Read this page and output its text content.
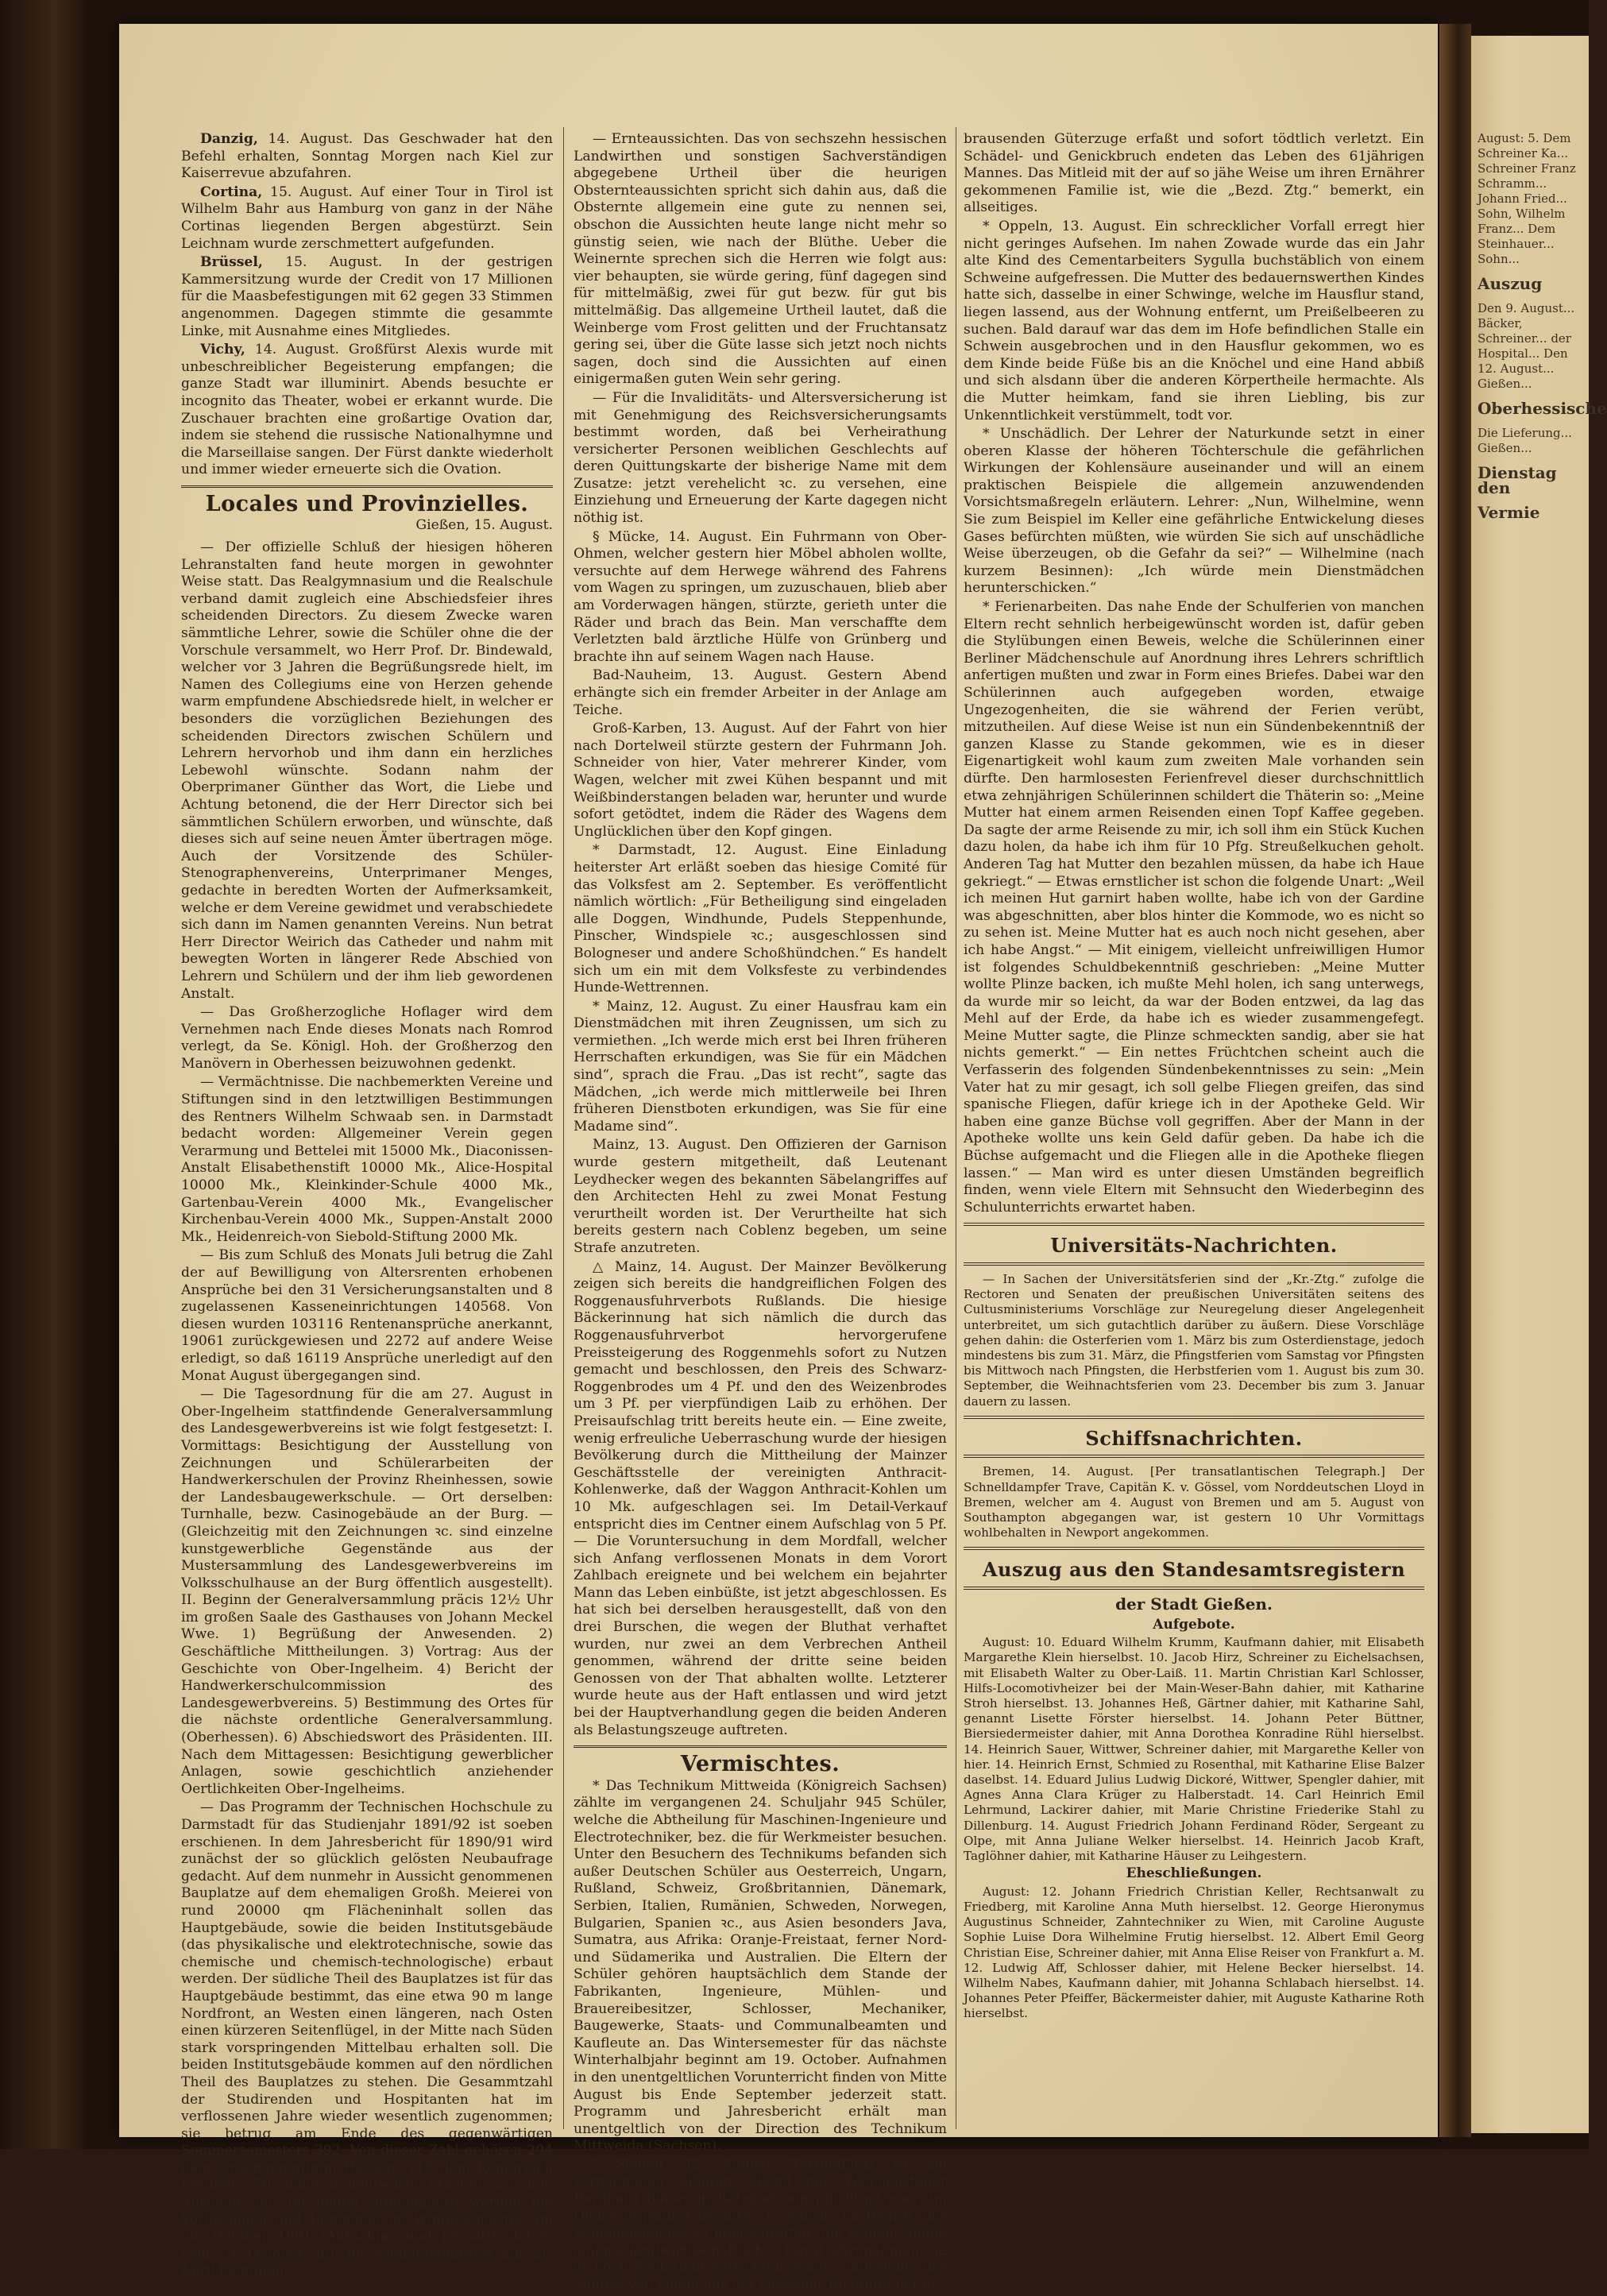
August: 5. Dem Schreiner Ka... Schreiner Franz Schramm... Johann Fried... Sohn, Wilhelm Franz... Dem Steinhauer... Sohn...

Auszug

Den 9. August... Bäcker, Schreiner... der Hospital... Den 12. August... Gießen...

Oberhessische

Die Lieferung... Gießen...

Dienstag den
Vermie

Danzig, 14. August. Das Geschwader hat den Befehl erhalten, Sonntag Morgen nach Kiel zur Kaiserrevue abzufahren.

Cortina, 15. August. Auf einer Tour in Tirol ist Wilhelm Bahr aus Hamburg von ganz in der Nähe Cortinas liegenden Bergen abgestürzt. Sein Leichnam wurde zerschmettert aufgefunden.

Brüssel, 15. August. In der gestrigen Kammersitzung wurde der Credit von 17 Millionen für die Maasbefestigungen mit 62 gegen 33 Stimmen angenommen. Dagegen stimmte die gesammte Linke, mit Ausnahme eines Mitgliedes.

Vichy, 14. August. Großfürst Alexis wurde mit unbeschreiblicher Begeisterung empfangen; die ganze Stadt war illuminirt. Abends besuchte er incognito das Theater, wobei er erkannt wurde. Die Zuschauer brachten eine großartige Ovation dar, indem sie stehend die russische Nationalhymne und die Marseillaise sangen. Der Fürst dankte wiederholt und immer wieder erneuerte sich die Ovation.

Locales und Provinzielles.
Gießen, 15. August.

— Der offizielle Schluß der hiesigen höheren Lehranstalten fand heute morgen in gewohnter Weise statt. Das Realgymnasium und die Realschule verband damit zugleich eine Abschiedsfeier ihres scheidenden Directors. Zu diesem Zwecke waren sämmtliche Lehrer, sowie die Schüler ohne die der Vorschule versammelt, wo Herr Prof. Dr. Bindewald, welcher vor 3 Jahren die Begrüßungsrede hielt, im Namen des Collegiums eine von Herzen gehende warm empfundene Abschiedsrede hielt, in welcher er besonders die vorzüglichen Beziehungen des scheidenden Directors zwischen Schülern und Lehrern hervorhob und ihm dann ein herzliches Lebewohl wünschte. Sodann nahm der Oberprimaner Günther das Wort, die Liebe und Achtung betonend, die der Herr Director sich bei sämmtlichen Schülern erworben, und wünschte, daß dieses sich auf seine neuen Ämter übertragen möge. Auch der Vorsitzende des Schüler-Stenographenvereins, Unterprimaner Menges, gedachte in beredten Worten der Aufmerksamkeit, welche er dem Vereine gewidmet und verabschiedete sich dann im Namen genannten Vereins. Nun betrat Herr Director Weirich das Catheder und nahm mit bewegten Worten in längerer Rede Abschied von Lehrern und Schülern und der ihm lieb gewordenen Anstalt.

— Das Großherzogliche Hoflager wird dem Vernehmen nach Ende dieses Monats nach Romrod verlegt, da Se. Königl. Hoh. der Großherzog den Manövern in Oberhessen beizuwohnen gedenkt.

— Vermächtnisse. Die nachbemerkten Vereine und Stiftungen sind in den letztwilligen Bestimmungen des Rentners Wilhelm Schwaab sen. in Darmstadt bedacht worden: Allgemeiner Verein gegen Verarmung und Bettelei mit 15000 Mk., Diaconissen-Anstalt Elisabethenstift 10000 Mk., Alice-Hospital 10000 Mk., Kleinkinder-Schule 4000 Mk., Gartenbau-Verein 4000 Mk., Evangelischer Kirchenbau-Verein 4000 Mk., Suppen-Anstalt 2000 Mk., Heidenreich-von Siebold-Stiftung 2000 Mk.

— Bis zum Schluß des Monats Juli betrug die Zahl der auf Bewilligung von Altersrenten erhobenen Ansprüche bei den 31 Versicherungsanstalten und 8 zugelassenen Kasseneinrichtungen 140568. Von diesen wurden 103116 Rentenansprüche anerkannt, 19061 zurückgewiesen und 2272 auf andere Weise erledigt, so daß 16119 Ansprüche unerledigt auf den Monat August übergegangen sind.

— Die Tagesordnung für die am 27. August in Ober-Ingelheim stattfindende Generalversammlung des Landesgewerbvereins ist wie folgt festgesetzt: I. Vormittags: Besichtigung der Ausstellung von Zeichnungen und Schülerarbeiten der Handwerkerschulen der Provinz Rheinhessen, sowie der Landesbaugewerkschule. — Ort derselben: Turnhalle, bezw. Casinogebäude an der Burg. — (Gleichzeitig mit den Zeichnungen ꝛc. sind einzelne kunstgewerbliche Gegenstände aus der Mustersammlung des Landesgewerbvereins im Volksschulhause an der Burg öffentlich ausgestellt). II. Beginn der Generalversammlung präcis 12½ Uhr im großen Saale des Gasthauses von Johann Meckel Wwe. 1) Begrüßung der Anwesenden. 2) Geschäftliche Mittheilungen. 3) Vortrag: Aus der Geschichte von Ober-Ingelheim. 4) Bericht der Handwerkerschulcommission des Landesgewerbvereins. 5) Bestimmung des Ortes für die nächste ordentliche Generalversammlung. (Oberhessen). 6) Abschiedswort des Präsidenten. III. Nach dem Mittagessen: Besichtigung gewerblicher Anlagen, sowie geschichtlich anziehender Oertlichkeiten Ober-Ingelheims.

— Das Programm der Technischen Hochschule zu Darmstadt für das Studienjahr 1891/92 ist soeben erschienen. In dem Jahresbericht für 1890/91 wird zunächst der so glücklich gelösten Neubaufrage gedacht. Auf dem nunmehr in Aussicht genommenen Bauplatze auf dem ehemaligen Großh. Meierei von rund 20000 qm Flächeninhalt sollen das Hauptgebäude, sowie die beiden Institutsgebäude (das physikalische und elektrotechnische, sowie das chemische und chemisch-technologische) erbaut werden. Der südliche Theil des Bauplatzes ist für das Hauptgebäude bestimmt, das eine etwa 90 m lange Nordfront, an Westen einen längeren, nach Osten einen kürzeren Seitenflügel, in der Mitte nach Süden stark vorspringenden Mittelbau erhalten soll. Die beiden Institutsgebäude kommen auf den nördlichen Theil des Bauplatzes zu stehen. Die Gesammtzahl der Studirenden und Hospitanten hat im verflossenen Jahre wieder wesentlich zugenommen; sie betrug am Ende des gegenwärtigen Sommersemesters 392. Von dieser Zahl gehören 204 dem Großherzogthum Hessen, 115 dem Königreich Preußen, 50 anderen deutschen Staaten, 23 dem Auslande an. Im neuen Studienjahre werden die Vorlesungen und Uebungen im Wintersemester am 20. October 1891 (Aufnahme und Immatriculation vom 19. October ab), im Sommersemester am 21. April beginnen.

— Ernteaussichten. Das von sechszehn hessischen Landwirthen und sonstigen Sachverständigen abgegebene Urtheil über die heurigen Obsternteaussichten spricht sich dahin aus, daß die Obsternte allgemein eine gute zu nennen sei, obschon die Aussichten heute lange nicht mehr so günstig seien, wie nach der Blüthe. Ueber die Weinernte sprechen sich die Herren wie folgt aus: vier behaupten, sie würde gering, fünf dagegen sind für mittelmäßig, zwei für gut bezw. für gut bis mittelmäßig. Das allgemeine Urtheil lautet, daß die Weinberge vom Frost gelitten und der Fruchtansatz gering sei, über die Güte lasse sich jetzt noch nichts sagen, doch sind die Aussichten auf einen einigermaßen guten Wein sehr gering.

— Für die Invaliditäts- und Altersversicherung ist mit Genehmigung des Reichsversicherungsamts bestimmt worden, daß bei Verheirathung versicherter Personen weiblichen Geschlechts auf deren Quittungskarte der bisherige Name mit dem Zusatze: jetzt verehelicht ꝛc. zu versehen, eine Einziehung und Erneuerung der Karte dagegen nicht nöthig ist.

§ Mücke, 14. August. Ein Fuhrmann von Ober-Ohmen, welcher gestern hier Möbel abholen wollte, versuchte auf dem Herwege während des Fahrens vom Wagen zu springen, um zuzuschauen, blieb aber am Vorderwagen hängen, stürzte, gerieth unter die Räder und brach das Bein. Man verschaffte dem Verletzten bald ärztliche Hülfe von Grünberg und brachte ihn auf seinem Wagen nach Hause.

Bad-Nauheim, 13. August. Gestern Abend erhängte sich ein fremder Arbeiter in der Anlage am Teiche.

Groß-Karben, 13. August. Auf der Fahrt von hier nach Dortelweil stürzte gestern der Fuhrmann Joh. Schneider von hier, Vater mehrerer Kinder, vom Wagen, welcher mit zwei Kühen bespannt und mit Weißbinderstangen beladen war, herunter und wurde sofort getödtet, indem die Räder des Wagens dem Unglücklichen über den Kopf gingen.

* Darmstadt, 12. August. Eine Einladung heiterster Art erläßt soeben das hiesige Comité für das Volksfest am 2. September. Es veröffentlicht nämlich wörtlich: „Für Betheiligung sind eingeladen alle Doggen, Windhunde, Pudels Steppenhunde, Pinscher, Windspiele ꝛc.; ausgeschlossen sind Bologneser und andere Schoßhündchen.“ Es handelt sich um ein mit dem Volksfeste zu verbindendes Hunde-Wettrennen.

* Mainz, 12. August. Zu einer Hausfrau kam ein Dienstmädchen mit ihren Zeugnissen, um sich zu vermiethen. „Ich werde mich erst bei Ihren früheren Herrschaften erkundigen, was Sie für ein Mädchen sind“, sprach die Frau. „Das ist recht“, sagte das Mädchen, „ich werde mich mittlerweile bei Ihren früheren Dienstboten erkundigen, was Sie für eine Madame sind“.

Mainz, 13. August. Den Offizieren der Garnison wurde gestern mitgetheilt, daß Leutenant Leydhecker wegen des bekannten Säbelangriffes auf den Architecten Hehl zu zwei Monat Festung verurtheilt worden ist. Der Verurtheilte hat sich bereits gestern nach Coblenz begeben, um seine Strafe anzutreten.

△ Mainz, 14. August. Der Mainzer Bevölkerung zeigen sich bereits die handgreiflichen Folgen des Roggenausfuhrverbots Rußlands. Die hiesige Bäckerinnung hat sich nämlich die durch das Roggenausfuhrverbot hervorgerufene Preissteigerung des Roggenmehls sofort zu Nutzen gemacht und beschlossen, den Preis des Schwarz-Roggenbrodes um 4 Pf. und den des Weizenbrodes um 3 Pf. per vierpfündigen Laib zu erhöhen. Der Preisaufschlag tritt bereits heute ein. — Eine zweite, wenig erfreuliche Ueberraschung wurde der hiesigen Bevölkerung durch die Mittheilung der Mainzer Geschäftsstelle der vereinigten Anthracit-Kohlenwerke, daß der Waggon Anthracit-Kohlen um 10 Mk. aufgeschlagen sei. Im Detail-Verkauf entspricht dies im Centner einem Aufschlag von 5 Pf. — Die Voruntersuchung in dem Mordfall, welcher sich Anfang verflossenen Monats in dem Vorort Zahlbach ereignete und bei welchem ein bejahrter Mann das Leben einbüßte, ist jetzt abgeschlossen. Es hat sich bei derselben herausgestellt, daß von den drei Burschen, die wegen der Bluthat verhaftet wurden, nur zwei an dem Verbrechen Antheil genommen, während der dritte seine beiden Genossen von der That abhalten wollte. Letzterer wurde heute aus der Haft entlassen und wird jetzt bei der Hauptverhandlung gegen die beiden Anderen als Belastungszeuge auftreten.

Vermischtes.

* Das Technikum Mittweida (Königreich Sachsen) zählte im vergangenen 24. Schuljahr 945 Schüler, welche die Abtheilung für Maschinen-Ingenieure und Electrotechniker, bez. die für Werkmeister besuchen. Unter den Besuchern des Technikums befanden sich außer Deutschen Schüler aus Oesterreich, Ungarn, Rußland, Schweiz, Großbritannien, Dänemark, Serbien, Italien, Rumänien, Schweden, Norwegen, Bulgarien, Spanien ꝛc., aus Asien besonders Java, Sumatra, aus Afrika: Oranje-Freistaat, ferner Nord- und Südamerika und Australien. Die Eltern der Schüler gehören hauptsächlich dem Stande der Fabrikanten, Ingenieure, Mühlen- und Brauereibesitzer, Schlosser, Mechaniker, Baugewerke, Staats- und Communalbeamten und Kaufleute an. Das Wintersemester für das nächste Winterhalbjahr beginnt am 19. October. Aufnahmen in den unentgeltlichen Vorunterricht finden von Mitte August bis Ende September jederzeit statt. Programm und Jahresbericht erhält man unentgeltlich von der Direction des Technikum Mittweida (Sachsen).

* Siegen, 12. August. Verunglückt ist am vergangenen Montag Abend der Weichensteller Bernhard Bläser in Betzdorf, ein pflichtgetreuer, im Dienst ergrauter Beamter. Er wurde, im Begriff, das Schienengeleise zu überschreiten, um seinem Sohne einiges landwirthschaftliches Gerät abzunehmen, da er noch Feldarbeit verrichten wollte, angesichts des Sohnes von einem aus der Gießener Richtung heran-

brausenden Güterzuge erfaßt und sofort tödtlich verletzt. Ein Schädel- und Genickbruch endeten das Leben des 61jährigen Mannes. Das Mitleid mit der auf so jähe Weise um ihren Ernährer gekommenen Familie ist, wie die „Bezd. Ztg.“ bemerkt, ein allseitiges.

* Oppeln, 13. August. Ein schrecklicher Vorfall erregt hier nicht geringes Aufsehen. Im nahen Zowade wurde das ein Jahr alte Kind des Cementarbeiters Sygulla buchstäblich von einem Schweine aufgefressen. Die Mutter des bedauernswerthen Kindes hatte sich, dasselbe in einer Schwinge, welche im Hausflur stand, liegen lassend, aus der Wohnung entfernt, um Preißelbeeren zu suchen. Bald darauf war das dem im Hofe befindlichen Stalle ein Schwein ausgebrochen und in den Hausflur gekommen, wo es dem Kinde beide Füße bis an die Knöchel und eine Hand abbiß und sich alsdann über die anderen Körpertheile hermachte. Als die Mutter heimkam, fand sie ihren Liebling, bis zur Unkenntlichkeit verstümmelt, todt vor.

* Unschädlich. Der Lehrer der Naturkunde setzt in einer oberen Klasse der höheren Töchterschule die gefährlichen Wirkungen der Kohlensäure auseinander und will an einem praktischen Beispiele die allgemein anzuwendenden Vorsichtsmaßregeln erläutern. Lehrer: „Nun, Wilhelmine, wenn Sie zum Beispiel im Keller eine gefährliche Entwickelung dieses Gases befürchten müßten, wie würden Sie sich auf unschädliche Weise überzeugen, ob die Gefahr da sei?“ — Wilhelmine (nach kurzem Besinnen): „Ich würde mein Dienstmädchen herunterschicken.“

* Ferienarbeiten. Das nahe Ende der Schulferien von manchen Eltern recht sehnlich herbeigewünscht worden ist, dafür geben die Stylübungen einen Beweis, welche die Schülerinnen einer Berliner Mädchenschule auf Anordnung ihres Lehrers schriftlich anfertigen mußten und zwar in Form eines Briefes. Dabei war den Schülerinnen auch aufgegeben worden, etwaige Ungezogenheiten, die sie während der Ferien verübt, mitzutheilen. Auf diese Weise ist nun ein Sündenbekenntniß der ganzen Klasse zu Stande gekommen, wie es in dieser Eigenartigkeit wohl kaum zum zweiten Male vorhanden sein dürfte. Den harmlosesten Ferienfrevel dieser durchschnittlich etwa zehnjährigen Schülerinnen schildert die Thäterin so: „Meine Mutter hat einem armen Reisenden einen Topf Kaffee gegeben. Da sagte der arme Reisende zu mir, ich soll ihm ein Stück Kuchen dazu holen, da habe ich ihm für 10 Pfg. Streußelkuchen geholt. Anderen Tag hat Mutter den bezahlen müssen, da habe ich Haue gekriegt.“ — Etwas ernstlicher ist schon die folgende Unart: „Weil ich meinen Hut garnirt haben wollte, habe ich von der Gardine was abgeschnitten, aber blos hinter die Kommode, wo es nicht so zu sehen ist. Meine Mutter hat es auch noch nicht gesehen, aber ich habe Angst.“ — Mit einigem, vielleicht unfreiwilligen Humor ist folgendes Schuldbekenntniß geschrieben: „Meine Mutter wollte Plinze backen, ich mußte Mehl holen, ich sang unterwegs, da wurde mir so leicht, da war der Boden entzwei, da lag das Mehl auf der Erde, da habe ich es wieder zusammengefegt. Meine Mutter sagte, die Plinze schmeckten sandig, aber sie hat nichts gemerkt.“ — Ein nettes Früchtchen scheint auch die Verfasserin des folgenden Sündenbekenntnisses zu sein: „Mein Vater hat zu mir gesagt, ich soll gelbe Fliegen greifen, das sind spanische Fliegen, dafür kriege ich in der Apotheke Geld. Wir haben eine ganze Büchse voll gegriffen. Aber der Mann in der Apotheke wollte uns kein Geld dafür geben. Da habe ich die Büchse aufgemacht und die Fliegen alle in die Apotheke fliegen lassen.“ — Man wird es unter diesen Umständen begreiflich finden, wenn viele Eltern mit Sehnsucht den Wiederbeginn des Schulunterrichts erwartet haben.

Universitäts-Nachrichten.

— In Sachen der Universitätsferien sind der „Kr.-Ztg.“ zufolge die Rectoren und Senaten der preußischen Universitäten seitens des Cultusministeriums Vorschläge zur Neuregelung dieser Angelegenheit unterbreitet, um sich gutachtlich darüber zu äußern. Diese Vorschläge gehen dahin: die Osterferien vom 1. März bis zum Osterdienstage, jedoch mindestens bis zum 31. März, die Pfingstferien vom Samstag vor Pfingsten bis Mittwoch nach Pfingsten, die Herbstferien vom 1. August bis zum 30. September, die Weihnachtsferien vom 23. December bis zum 3. Januar dauern zu lassen.

Schiffsnachrichten.

Bremen, 14. August. [Per transatlantischen Telegraph.] Der Schnelldampfer Trave, Capitän K. v. Gössel, vom Norddeutschen Lloyd in Bremen, welcher am 4. August von Bremen und am 5. August von Southampton abgegangen war, ist gestern 10 Uhr Vormittags wohlbehalten in Newport angekommen.

Auszug aus den Standesamtsregistern
der Stadt Gießen.
Aufgebote.

August: 10. Eduard Wilhelm Krumm, Kaufmann dahier, mit Elisabeth Margarethe Klein hierselbst. 10. Jacob Hirz, Schreiner zu Eichelsachsen, mit Elisabeth Walter zu Ober-Laiß. 11. Martin Christian Karl Schlosser, Hilfs-Locomotivheizer bei der Main-Weser-Bahn dahier, mit Katharine Stroh hierselbst. 13. Johannes Heß, Gärtner dahier, mit Katharine Sahl, genannt Lisette Förster hierselbst. 14. Johann Peter Büttner, Biersiedermeister dahier, mit Anna Dorothea Konradine Rühl hierselbst. 14. Heinrich Sauer, Wittwer, Schreiner dahier, mit Margarethe Keller von hier. 14. Heinrich Ernst, Schmied zu Rosenthal, mit Katharine Elise Balzer daselbst. 14. Eduard Julius Ludwig Dickoré, Wittwer, Spengler dahier, mit Agnes Anna Clara Krüger zu Halberstadt. 14. Carl Heinrich Emil Lehrmund, Lackirer dahier, mit Marie Christine Friederike Stahl zu Dillenburg. 14. August Friedrich Johann Ferdinand Röder, Sergeant zu Olpe, mit Anna Juliane Welker hierselbst. 14. Heinrich Jacob Kraft, Taglöhner dahier, mit Katharine Häuser zu Leihgestern.

Eheschließungen.

August: 12. Johann Friedrich Christian Keller, Rechtsanwalt zu Friedberg, mit Karoline Anna Muth hierselbst. 12. George Hieronymus Augustinus Schneider, Zahntechniker zu Wien, mit Caroline Auguste Sophie Luise Dora Wilhelmine Frutig hierselbst. 12. Albert Emil Georg Christian Eise, Schreiner dahier, mit Anna Elise Reiser von Frankfurt a. M. 12. Ludwig Aff, Schlosser dahier, mit Helene Becker hierselbst. 14. Wilhelm Nabes, Kaufmann dahier, mit Johanna Schlabach hierselbst. 14. Johannes Peter Pfeiffer, Bäckermeister dahier, mit Auguste Katharine Roth hierselbst.
